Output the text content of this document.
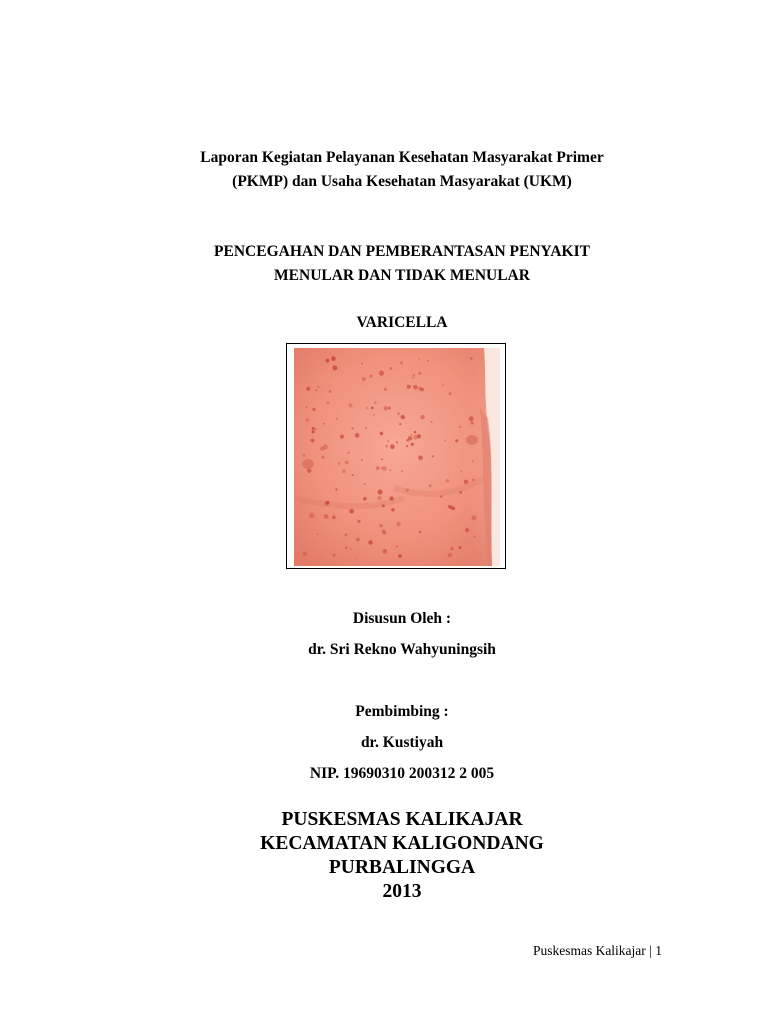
Laporan Kegiatan Pelayanan Kesehatan Masyarakat Primer
(PKMP) dan Usaha Kesehatan Masyarakat (UKM)
PENCEGAHAN DAN PEMBERANTASAN PENYAKIT
MENULAR DAN TIDAK MENULAR
VARICELLA
Disusun Oleh :
dr. Sri Rekno Wahyuningsih
Pembimbing :
dr. Kustiyah
NIP. 19690310 200312 2 005
PUSKESMAS KALIKAJAR
KECAMATAN KALIGONDANG
PURBALINGGA
2013
Puskesmas Kalikajar | 1
